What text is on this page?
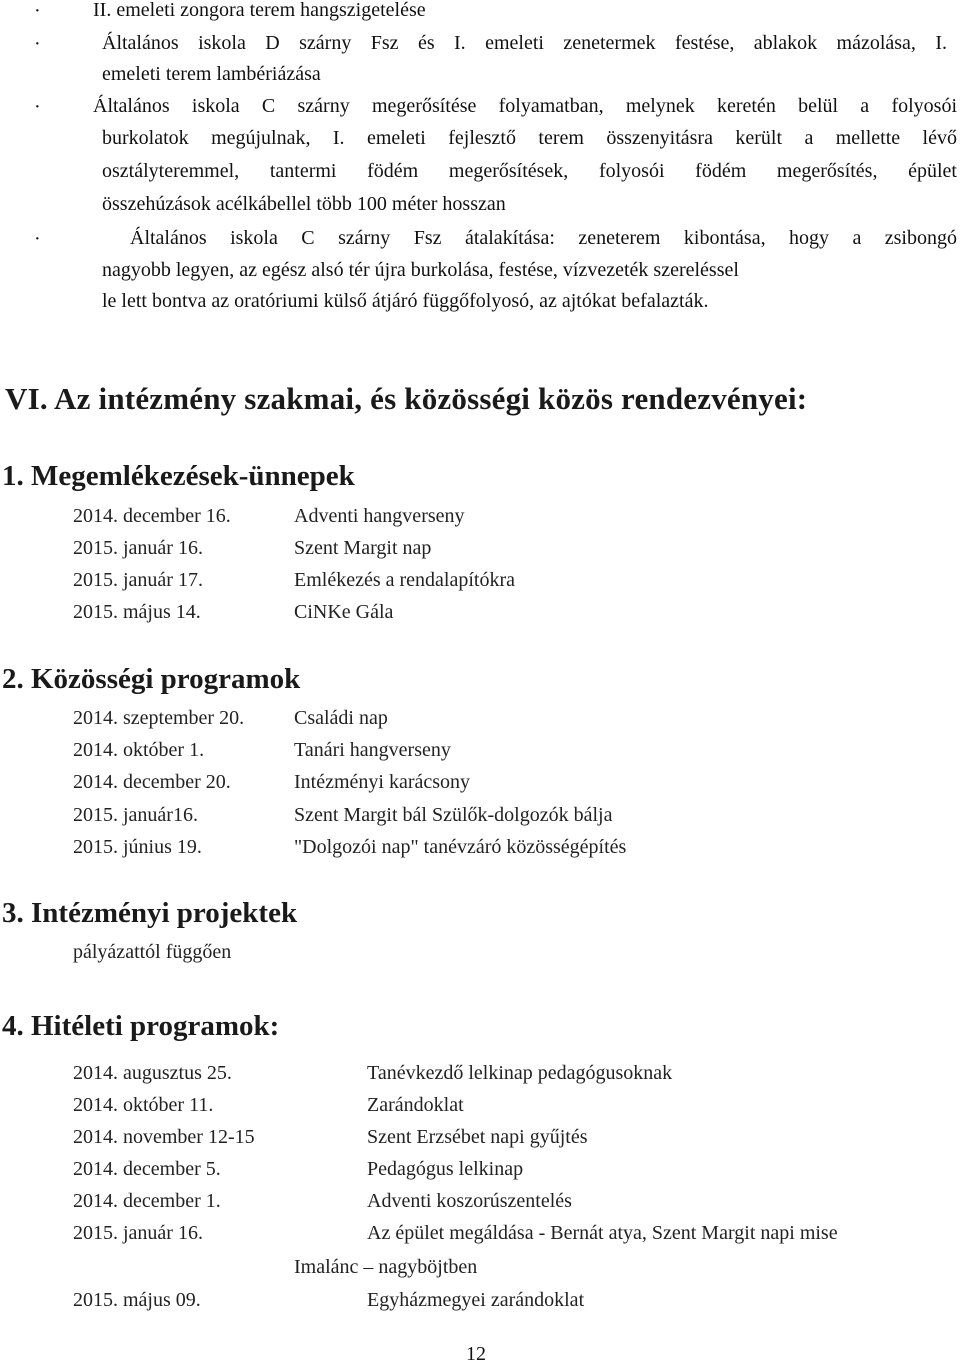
·	II. emeleti zongora terem hangszigetelése
·	Általános iskola D szárny Fsz és I. emeleti zenetermek festése, ablakok mázolása, I.
emeleti terem lambériázása
·	Általános iskola C szárny megerősítése folyamatban, melynek keretén belül a folyosói
burkolatok megújulnak, I. emeleti fejlesztő terem összenyitásra került a mellette lévő
osztályteremmel, tantermi födém megerősítések, folyosói födém megerősítés, épület
összehúzások acélkábellel több 100 méter hosszan
·	Általános iskola C szárny Fsz átalakítása: zeneterem kibontása, hogy a zsibongó
nagyobb legyen, az egész alsó tér újra burkolása, festése, vízvezeték szereléssel
le lett bontva az oratóriumi külső átjáró függőfolyosó, az ajtókat befalazták.
VI. Az intézmény szakmai, és közösségi közös rendezvényei:
1. Megemlékezések-ünnepek
2014. december 16.	Adventi hangverseny
2015. január 16.	Szent Margit nap
2015. január 17.	Emlékezés a rendalapítókra
2015. május 14.	CiNKe Gála
2. Közösségi programok
2014. szeptember 20. Családi nap
2014. október 1.	Tanári hangverseny
2014. december 20.	Intézményi karácsony
2015. január16.	Szent Margit bál Szülők-dolgozók bálja
2015. június 19.	"Dolgozói nap" tanévzáró közösségépítés
3. Intézményi projektek
pályázattól függően
4. Hitéleti programok:
2014. augusztus 25.	Tanévkezdő lelkinap pedagógusoknak
2014. október 11.	Zarándoklat
2014. november 12-15	Szent Erzsébet napi gyűjtés
2014. december 5.	Pedagógus lelkinap
2014. december 1.	Adventi koszorúszentelés
2015. január 16.	Az épület megáldása - Bernát atya, Szent Margit napi mise
Imalánc – nagyböjtben
2015. május 09.	Egyházmegyei zarándoklat
12
